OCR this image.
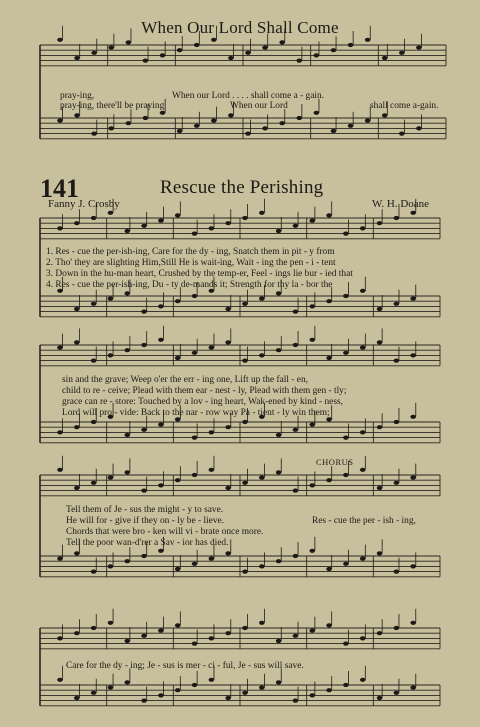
When Our Lord Shall Come
pray-ing,	When our Lord . . . . shall come a - gain.
pray-ing, there'll be praying	When our Lord	shall come a-gain.
141	Rescue the Perishing
Fanny J. Crosby	W. H. Doane
1. Res - cue the per-ish-ing, Care for the dy - ing, Snatch them in pit - y from
2. Tho' they are slighting Him,Still He is wait-ing, Wait - ing the pen - i - tent
3. Down in the hu-man heart, Crushed by the temp-er, Feel - ings lie bur - ied that
4. Res - cue the per-ish-ing, Du - ty de-mands it; Strength for thy la - bor the
sin and the grave; Weep o'er the err - ing one, Lift up the fall - en,
child to re - ceive; Plead with them ear - nest - ly, Plead with them gen - tly;
grace can re - store: Touched by a lov - ing heart, Wak-ened by kind - ness,
Lord will pro - vide: Back to the nar - row way Pa - tient - ly win them;
CHORUS
Tell them of Je - sus the might - y to save.
He will for - give if they on - ly be - lieve.
Chords that were bro - ken will vi - brate once more.
Tell the poor wan-d'rer a Sav - ior has died.
Res - cue the per - ish - ing,
Care for the dy - ing; Je - sus is mer - ci - ful, Je - sus will save.
